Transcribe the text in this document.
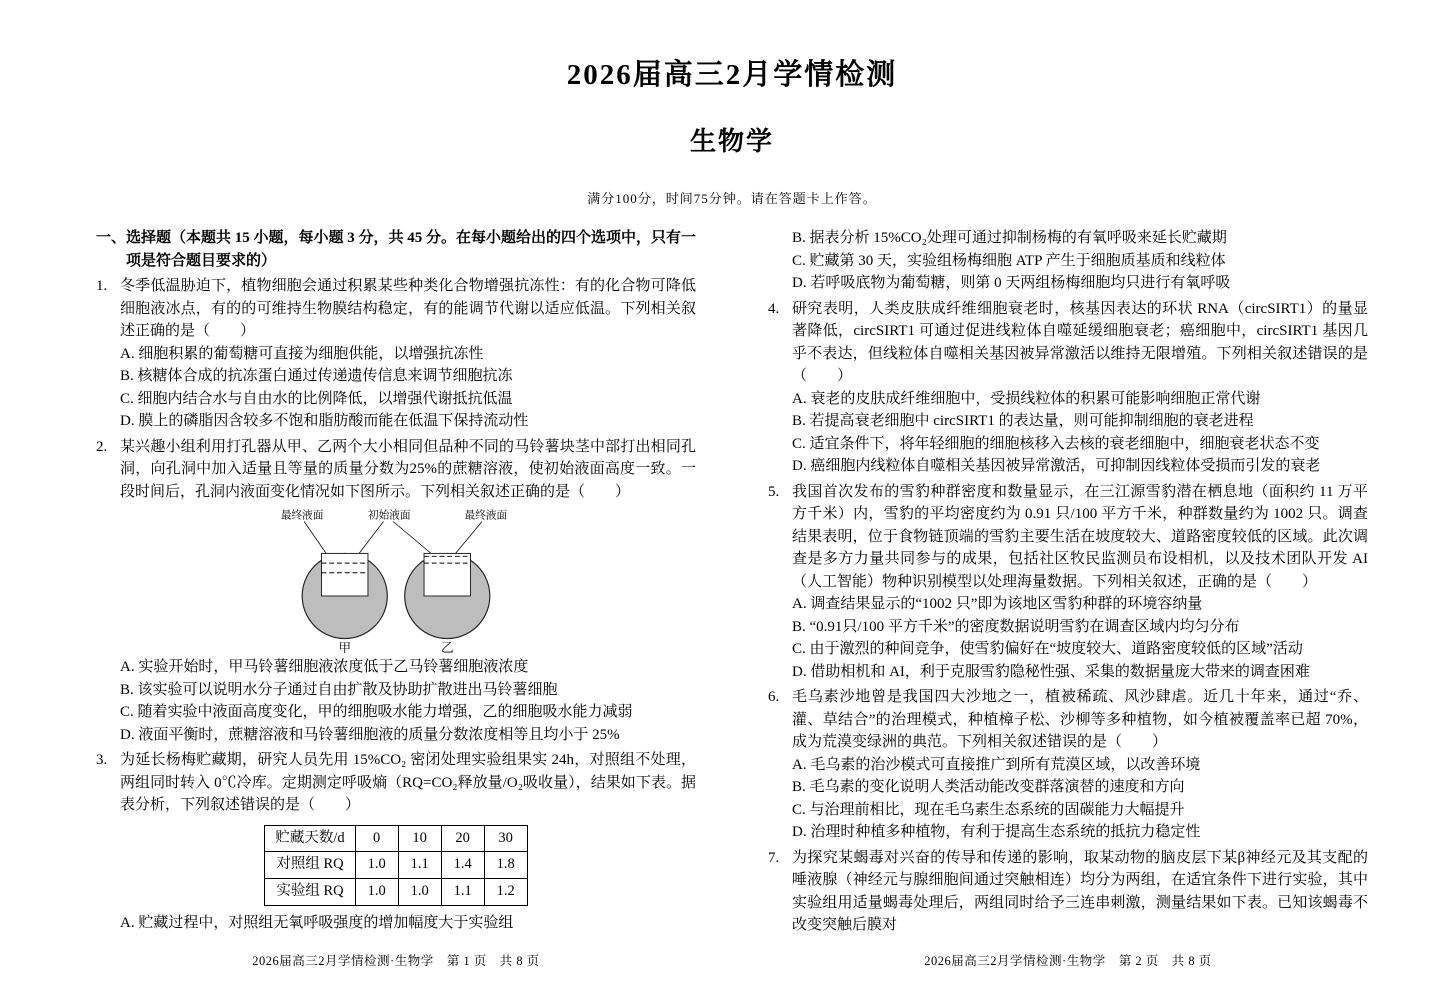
2026届高三2月学情检测
生物学
满分100分，时间75分钟。请在答题卡上作答。
一、选择题（本题共 15 小题，每小题 3 分，共 45 分。在每小题给出的四个选项中，只有一项是符合题目要求的）
1. 冬季低温胁迫下，植物细胞会通过积累某些种类化合物增强抗冻性：有的化合物可降低细胞液冰点，有的的可维持生物膜结构稳定，有的能调节代谢以适应低温。下列相关叙述正确的是（　　）
A. 细胞积累的葡萄糖可直接为细胞供能，以增强抗冻性
B. 核糖体合成的抗冻蛋白通过传递遗传信息来调节细胞抗冻
C. 细胞内结合水与自由水的比例降低，以增强代谢抵抗低温
D. 膜上的磷脂因含较多不饱和脂肪酸而能在低温下保持流动性
2. 某兴趣小组利用打孔器从甲、乙两个大小相同但品种不同的马铃薯块茎中部打出相同孔洞，向孔洞中加入适量且等量的质量分数为25%的蔗糖溶液，使初始液面高度一致。一段时间后，孔洞内液面变化情况如下图所示。下列相关叙述正确的是（　　）
最终液面	初始液面	最终液面
甲	乙
A. 实验开始时，甲马铃薯细胞液浓度低于乙马铃薯细胞液浓度
B. 该实验可以说明水分子通过自由扩散及协助扩散进出马铃薯细胞
C. 随着实验中液面高度变化，甲的细胞吸水能力增强，乙的细胞吸水能力减弱
D. 液面平衡时，蔗糖溶液和马铃薯细胞液的质量分数浓度相等且均小于 25%
3. 为延长杨梅贮藏期，研究人员先用 15%CO₂ 密闭处理实验组果实 24h，对照组不处理，两组同时转入 0℃冷库。定期测定呼吸熵（RQ=CO₂释放量/O₂吸收量），结果如下表。据表分析，下列叙述错误的是（　　）
贮藏天数/d	0	10	20	30
对照组 RQ	1.0	1.1	1.4	1.8
实验组 RQ	1.0	1.0	1.1	1.2
A. 贮藏过程中，对照组无氧呼吸强度的增加幅度大于实验组
2026届高三2月学情检测·生物学　第 1 页　共 8 页
B. 据表分析 15%CO₂处理可通过抑制杨梅的有氧呼吸来延长贮藏期
C. 贮藏第 30 天，实验组杨梅细胞 ATP 产生于细胞质基质和线粒体
D. 若呼吸底物为葡萄糖，则第 0 天两组杨梅细胞均只进行有氧呼吸
4. 研究表明，人类皮肤成纤维细胞衰老时，核基因表达的环状 RNA（circSIRT1）的量显著降低，circSIRT1 可通过促进线粒体自噬延缓细胞衰老；癌细胞中，circSIRT1 基因几乎不表达，但线粒体自噬相关基因被异常激活以维持无限增殖。下列相关叙述错误的是（　　）
A. 衰老的皮肤成纤维细胞中，受损线粒体的积累可能影响细胞正常代谢
B. 若提高衰老细胞中 circSIRT1 的表达量，则可能抑制细胞的衰老进程
C. 适宜条件下，将年轻细胞的细胞核移入去核的衰老细胞中，细胞衰老状态不变
D. 癌细胞内线粒体自噬相关基因被异常激活，可抑制因线粒体受损而引发的衰老
5. 我国首次发布的雪豹种群密度和数量显示，在三江源雪豹潜在栖息地（面积约 11 万平方千米）内，雪豹的平均密度约为 0.91 只/100 平方千米，种群数量约为 1002 只。调查结果表明，位于食物链顶端的雪豹主要生活在坡度较大、道路密度较低的区域。此次调查是多方力量共同参与的成果，包括社区牧民监测员布设相机，以及技术团队开发 AI（人工智能）物种识别模型以处理海量数据。下列相关叙述，正确的是（　　）
A. 调查结果显示的“1002 只”即为该地区雪豹种群的环境容纳量
B. “0.91只/100 平方千米”的密度数据说明雪豹在调查区域内均匀分布
C. 由于激烈的种间竞争，使雪豹偏好在“坡度较大、道路密度较低的区域”活动
D. 借助相机和 AI，利于克服雪豹隐秘性强、采集的数据量庞大带来的调查困难
6. 毛乌素沙地曾是我国四大沙地之一，植被稀疏、风沙肆虐。近几十年来，通过“乔、灌、草结合”的治理模式，种植樟子松、沙柳等多种植物，如今植被覆盖率已超 70%，成为荒漠变绿洲的典范。下列相关叙述错误的是（　　）
A. 毛乌素的治沙模式可直接推广到所有荒漠区域，以改善环境
B. 毛乌素的变化说明人类活动能改变群落演替的速度和方向
C. 与治理前相比，现在毛乌素生态系统的固碳能力大幅提升
D. 治理时种植多种植物，有利于提高生态系统的抵抗力稳定性
7. 为探究某蝎毒对兴奋的传导和传递的影响，取某动物的脑皮层下某β神经元及其支配的唾液腺（神经元与腺细胞间通过突触相连）均分为两组，在适宜条件下进行实验，其中实验组用适量蝎毒处理后，两组同时给予三连串刺激，测量结果如下表。已知该蝎毒不改变突触后膜对
2026届高三2月学情检测·生物学　第 2 页　共 8 页
